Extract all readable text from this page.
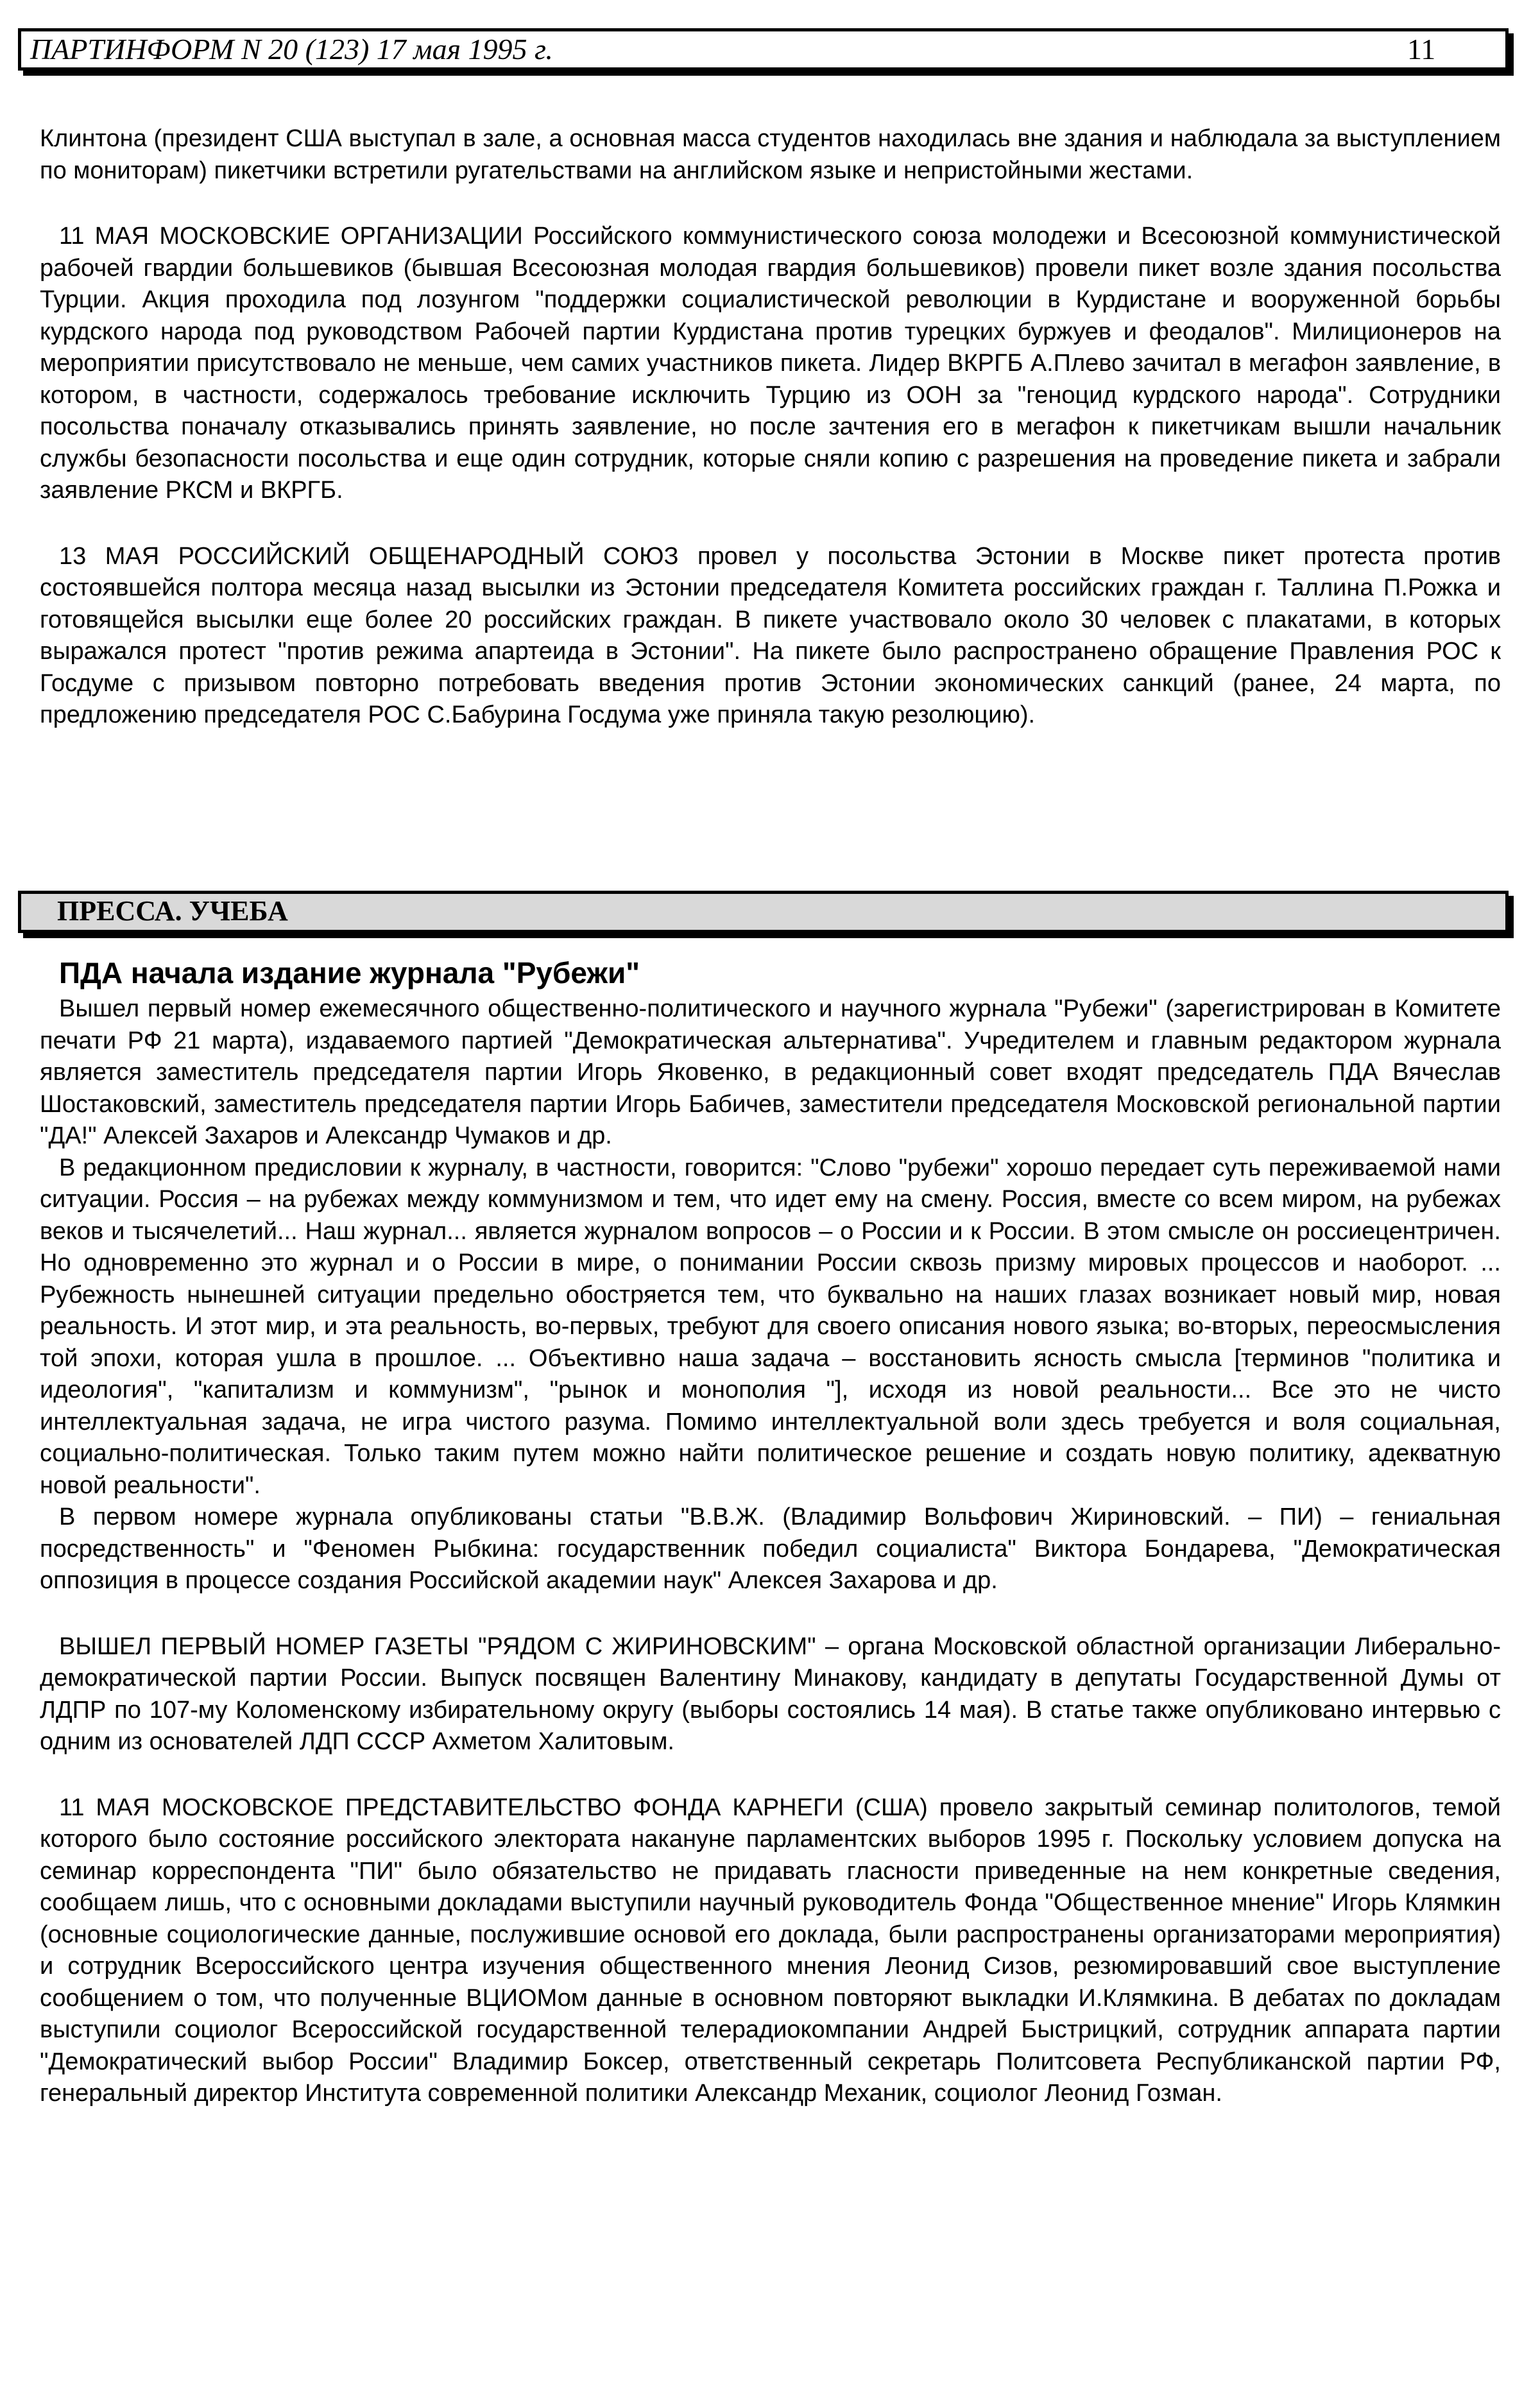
ПАРТИНФОРМ N 20 (123) 17 мая 1995 г.	11

Клинтона (президент США выступал в зале, а основная масса студентов находилась вне здания и наблюдала за выступлением по мониторам) пикетчики встретили ругательствами на английском языке и непристойными жестами.

11 МАЯ МОСКОВСКИЕ ОРГАНИЗАЦИИ Российского коммунистического союза молодежи и Всесоюзной коммунистической рабочей гвардии большевиков (бывшая Всесоюзная молодая гвардия большевиков) провели пикет возле здания посольства Турции. Акция проходила под лозунгом "поддержки социалистической революции в Курдистане и вооруженной борьбы курдского народа под руководством Рабочей партии Курдистана против турецких буржуев и феодалов". Милиционеров на мероприятии присутствовало не меньше, чем самих участников пикета. Лидер ВКРГБ А.Плево зачитал в мегафон заявление, в котором, в частности, содержалось требование исключить Турцию из ООН за "геноцид курдского народа". Сотрудники посольства поначалу отказывались принять заявление, но после зачтения его в мегафон к пикетчикам вышли начальник службы безопасности посольства и еще один сотрудник, которые сняли копию с разрешения на проведение пикета и забрали заявление РКСМ и ВКРГБ.

13 МАЯ РОССИЙСКИЙ ОБЩЕНАРОДНЫЙ СОЮЗ провел у посольства Эстонии в Москве пикет протеста против состоявшейся полтора месяца назад высылки из Эстонии председателя Комитета российских граждан г. Таллина П.Рожка и готовящейся высылки еще более 20 российских граждан. В пикете участвовало около 30 человек с плакатами, в которых выражался протест "против режима апартеида в Эстонии". На пикете было распространено обращение Правления РОС к Госдуме с призывом повторно потребовать введения против Эстонии экономических санкций (ранее, 24 марта, по предложению председателя РОС С.Бабурина Госдума уже приняла такую резолюцию).

ПРЕССА. УЧЕБА
ПДА начала издание журнала "Рубежи"

Вышел первый номер ежемесячного общественно-политического и научного журнала "Рубежи" (зарегистрирован в Комитете печати РФ 21 марта), издаваемого партией "Демократическая альтернатива". Учредителем и главным редактором журнала является заместитель председателя партии Игорь Яковенко, в редакционный совет входят председатель ПДА Вячеслав Шостаковский, заместитель председателя партии Игорь Бабичев, заместители председателя Московской региональной партии "ДА!" Алексей Захаров и Александр Чумаков и др.

В редакционном предисловии к журналу, в частности, говорится: "Слово "рубежи" хорошо передает суть переживаемой нами ситуации. Россия – на рубежах между коммунизмом и тем, что идет ему на смену. Россия, вместе со всем миром, на рубежах веков и тысячелетий... Наш журнал... является журналом вопросов – о России и к России. В этом смысле он россиецентричен. Но одновременно это журнал и о России в мире, о понимании России сквозь призму мировых процессов и наоборот. ... Рубежность нынешней ситуации предельно обостряется тем, что буквально на наших глазах возникает новый мир, новая реальность. И этот мир, и эта реальность, во-первых, требуют для своего описания нового языка; во-вторых, переосмысления той эпохи, которая ушла в прошлое. ... Объективно наша задача – восстановить ясность смысла [терминов "политика и идеология", "капитализм и коммунизм", "рынок и монополия "], исходя из новой реальности... Все это не чисто интеллектуальная задача, не игра чистого разума. Помимо интеллектуальной воли здесь требуется и воля социальная, социально-политическая. Только таким путем можно найти политическое решение и создать новую политику, адекватную новой реальности".

В первом номере журнала опубликованы статьи "В.В.Ж. (Владимир Вольфович Жириновский. – ПИ) – гениальная посредственность" и "Феномен Рыбкина: государственник победил социалиста" Виктора Бондарева, "Демократическая оппозиция в процессе создания Российской академии наук" Алексея Захарова и др.

ВЫШЕЛ ПЕРВЫЙ НОМЕР ГАЗЕТЫ "РЯДОМ С ЖИРИНОВСКИМ" – органа Московской областной организации Либерально-демократической партии России. Выпуск посвящен Валентину Минакову, кандидату в депутаты Государственной Думы от ЛДПР по 107-му Коломенскому избирательному округу (выборы состоялись 14 мая). В статье также опубликовано интервью с одним из основателей ЛДП СССР Ахметом Халитовым.

11 МАЯ МОСКОВСКОЕ ПРЕДСТАВИТЕЛЬСТВО ФОНДА КАРНЕГИ (США) провело закрытый семинар политологов, темой которого было состояние российского электората накануне парламентских выборов 1995 г. Поскольку условием допуска на семинар корреспондента "ПИ" было обязательство не придавать гласности приведенные на нем конкретные сведения, сообщаем лишь, что с основными докладами выступили научный руководитель Фонда "Общественное мнение" Игорь Клямкин (основные социологические данные, послужившие основой его доклада, были распространены организаторами мероприятия) и сотрудник Всероссийского центра изучения общественного мнения Леонид Сизов, резюмировавший свое выступление сообщением о том, что полученные ВЦИОМом данные в основном повторяют выкладки И.Клямкина. В дебатах по докладам выступили социолог Всероссийской государственной телерадиокомпании Андрей Быстрицкий, сотрудник аппарата партии "Демократический выбор России" Владимир Боксер, ответственный секретарь Политсовета Республиканской партии РФ, генеральный директор Института современной политики Александр Механик, социолог Леонид Гозман.
